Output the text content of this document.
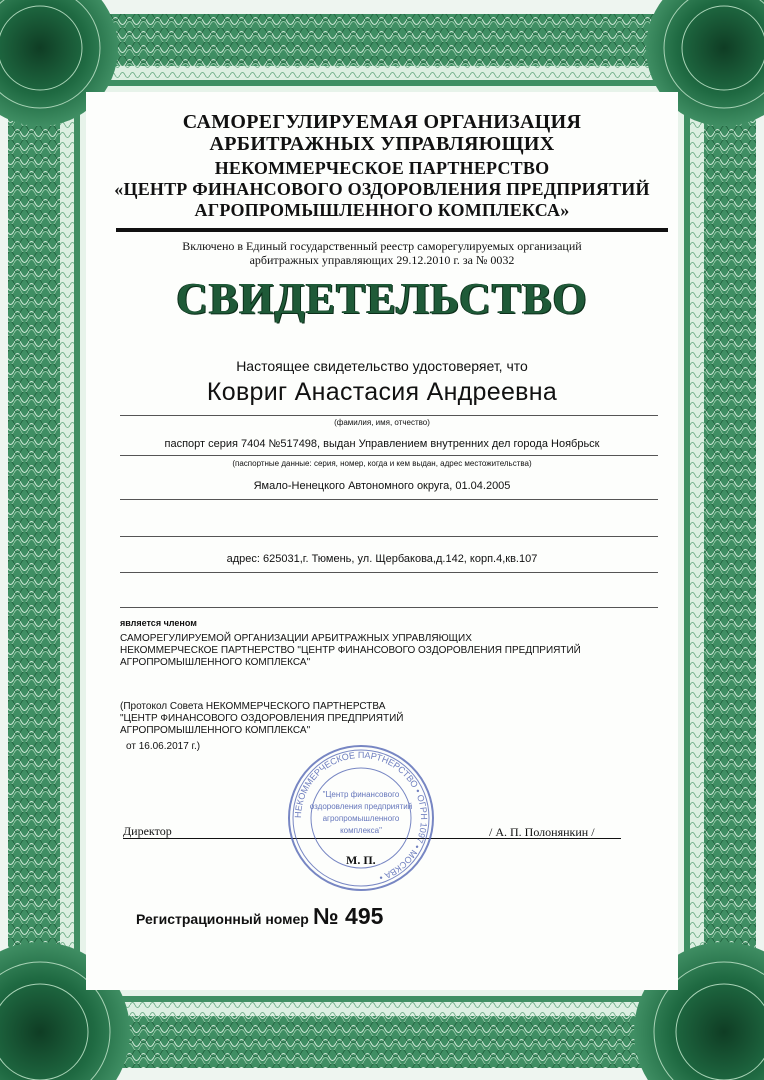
САМОРЕГУЛИРУЕМАЯ ОРГАНИЗАЦИЯ
АРБИТРАЖНЫХ УПРАВЛЯЮЩИХ
НЕКОММЕРЧЕСКОЕ ПАРТНЕРСТВО
«ЦЕНТР ФИНАНСОВОГО ОЗДОРОВЛЕНИЯ ПРЕДПРИЯТИЙ
АГРОПРОМЫШЛЕННОГО КОМПЛЕКСА»
Включено в Единый государственный реестр саморегулируемых организаций
арбитражных управляющих 29.12.2010 г. за № 0032
СВИДЕТЕЛЬСТВО
Настоящее свидетельство удостоверяет, что
Ковриг Анастасия Андреевна
(фамилия, имя, отчество)
паспорт серия 7404 №517498, выдан Управлением внутренних дел города Ноябрьск
(паспортные данные: серия, номер, когда и кем выдан, адрес местожительства)
Ямало-Ненецкого Автономного округа, 01.04.2005
адрес: 625031,г. Тюмень, ул. Щербакова,д.142, корп.4,кв.107
является членом
САМОРЕГУЛИРУЕМОЙ ОРГАНИЗАЦИИ АРБИТРАЖНЫХ УПРАВЛЯЮЩИХ
НЕКОММЕРЧЕСКОЕ ПАРТНЕРСТВО "ЦЕНТР ФИНАНСОВОГО ОЗДОРОВЛЕНИЯ ПРЕДПРИЯТИЙ
АГРОПРОМЫШЛЕННОГО КОМПЛЕКСА"
(Протокол Совета НЕКОММЕРЧЕСКОГО ПАРТНЕРСТВА
"ЦЕНТР ФИНАНСОВОГО ОЗДОРОВЛЕНИЯ ПРЕДПРИЯТИЙ
АГРОПРОМЫШЛЕННОГО КОМПЛЕКСА"
от 16.06.2017 г.)
Директор	/ А. П. Полонянкин /
НЕКОММЕРЧЕСКОЕ ПАРТНЕРСТВО • ОГРН 1097 • МОСКВА •
"Центр финансового
оздоровления предприятий
агропромышленного
комплекса"
М. П.
Регистрационный номер № 495
